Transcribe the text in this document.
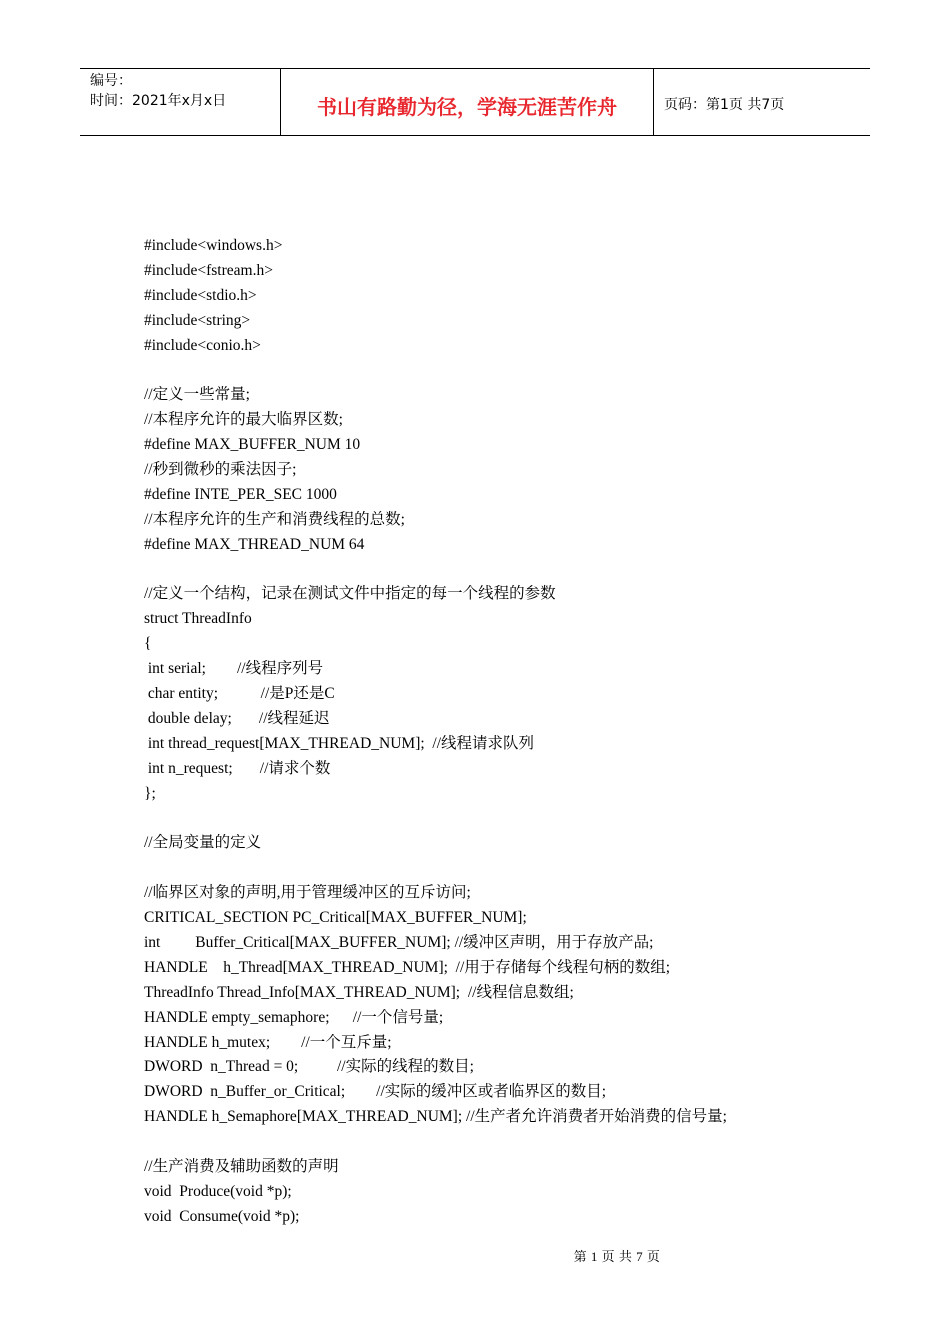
编号：
时间：2021年x月x日	书山有路勤为径，学海无涯苦作舟	页码：第1页 共7页
#include<windows.h>
#include<fstream.h>
#include<stdio.h>
#include<string>
#include<conio.h>
//定义一些常量;
//本程序允许的最大临界区数;
#define MAX_BUFFER_NUM 10
//秒到微秒的乘法因子;
#define INTE_PER_SEC 1000
//本程序允许的生产和消费线程的总数;
#define MAX_THREAD_NUM 64
//定义一个结构，记录在测试文件中指定的每一个线程的参数
struct ThreadInfo
{
int serial;        //线程序列号
char entity;           //是P还是C
double delay;       //线程延迟
int thread_request[MAX_THREAD_NUM];  //线程请求队列
int n_request;       //请求个数
};
//全局变量的定义
//临界区对象的声明,用于管理缓冲区的互斥访问;
CRITICAL_SECTION PC_Critical[MAX_BUFFER_NUM];
int         Buffer_Critical[MAX_BUFFER_NUM]; //缓冲区声明，用于存放产品;
HANDLE    h_Thread[MAX_THREAD_NUM];  //用于存储每个线程句柄的数组;
ThreadInfo Thread_Info[MAX_THREAD_NUM];  //线程信息数组;
HANDLE empty_semaphore;      //一个信号量;
HANDLE h_mutex;        //一个互斥量;
DWORD  n_Thread = 0;          //实际的线程的数目;
DWORD  n_Buffer_or_Critical;        //实际的缓冲区或者临界区的数目;
HANDLE h_Semaphore[MAX_THREAD_NUM]; //生产者允许消费者开始消费的信号量;
//生产消费及辅助函数的声明
void  Produce(void *p);
void  Consume(void *p);
第 1 页 共 7 页
